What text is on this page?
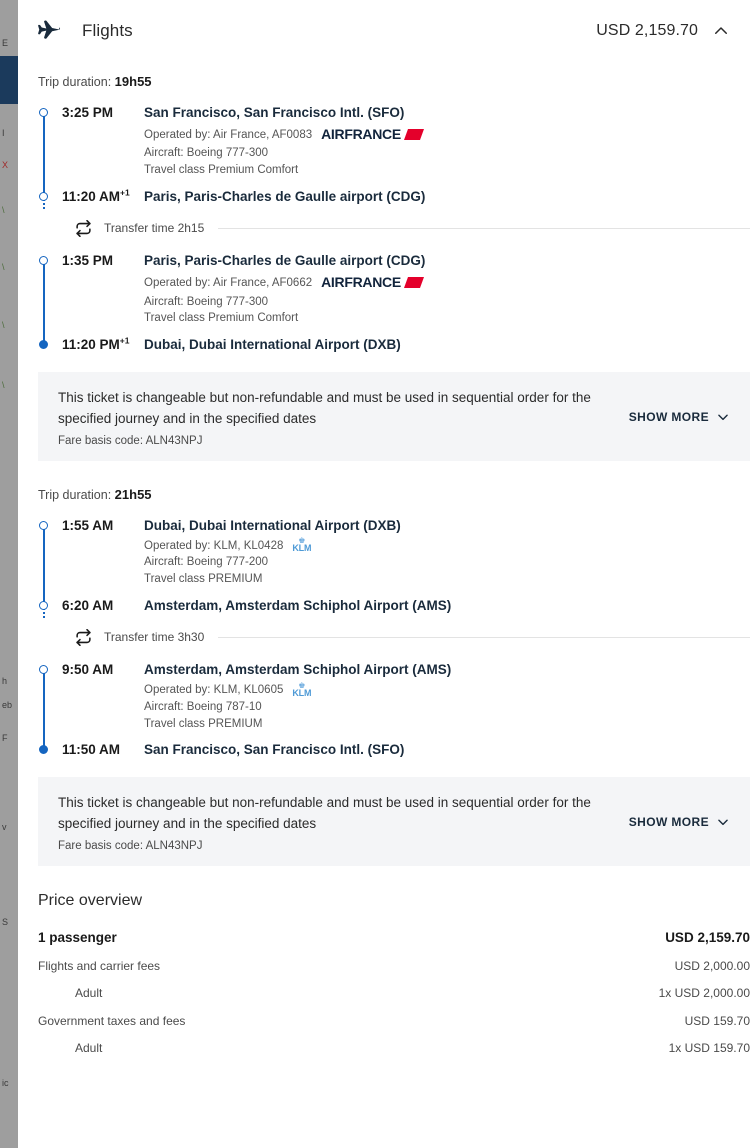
E
I
X
\
\
\
\
h
eb
F
v
S
ic
Flights	USD 2,159.70
Trip duration: 19h55
3:25 PM	San Francisco, San Francisco Intl. (SFO)
Operated by: Air France, AF0083 AIRFRANCE
Aircraft: Boeing 777-300
Travel class Premium Comfort
11:20 $AM^{+1}$	Paris, Paris-Charles de Gaulle airport (CDG)
Transfer time 2h15
1:35 PM	Paris, Paris-Charles de Gaulle airport (CDG)
Operated by: Air France, AF0662 AIRFRANCE
Aircraft: Boeing 777-300
Travel class Premium Comfort
11:20 $PM^{+1}$	Dubai, Dubai International Airport (DXB)
This ticket is changeable but non-refundable and must be used in sequential order for the specified journey and in the specified dates
Fare basis code: ALN43NPJ
SHOW MORE
Trip duration: 21h55
1:55 AM	Dubai, Dubai International Airport (DXB)
Operated by: KLM, KL0428 ♚
KLM
Aircraft: Boeing 777-200
Travel class PREMIUM
6:20 AM	Amsterdam, Amsterdam Schiphol Airport (AMS)
Transfer time 3h30
9:50 AM	Amsterdam, Amsterdam Schiphol Airport (AMS)
Operated by: KLM, KL0605 ♚
KLM
Aircraft: Boeing 787-10
Travel class PREMIUM
11:50 AM	San Francisco, San Francisco Intl. (SFO)
This ticket is changeable but non-refundable and must be used in sequential order for the specified journey and in the specified dates
Fare basis code: ALN43NPJ
SHOW MORE
Price overview
1 passenger	USD 2,159.70
Flights and carrier fees	USD 2,000.00
Adult	1x USD 2,000.00
Government taxes and fees	USD 159.70
Adult	1x USD 159.70
